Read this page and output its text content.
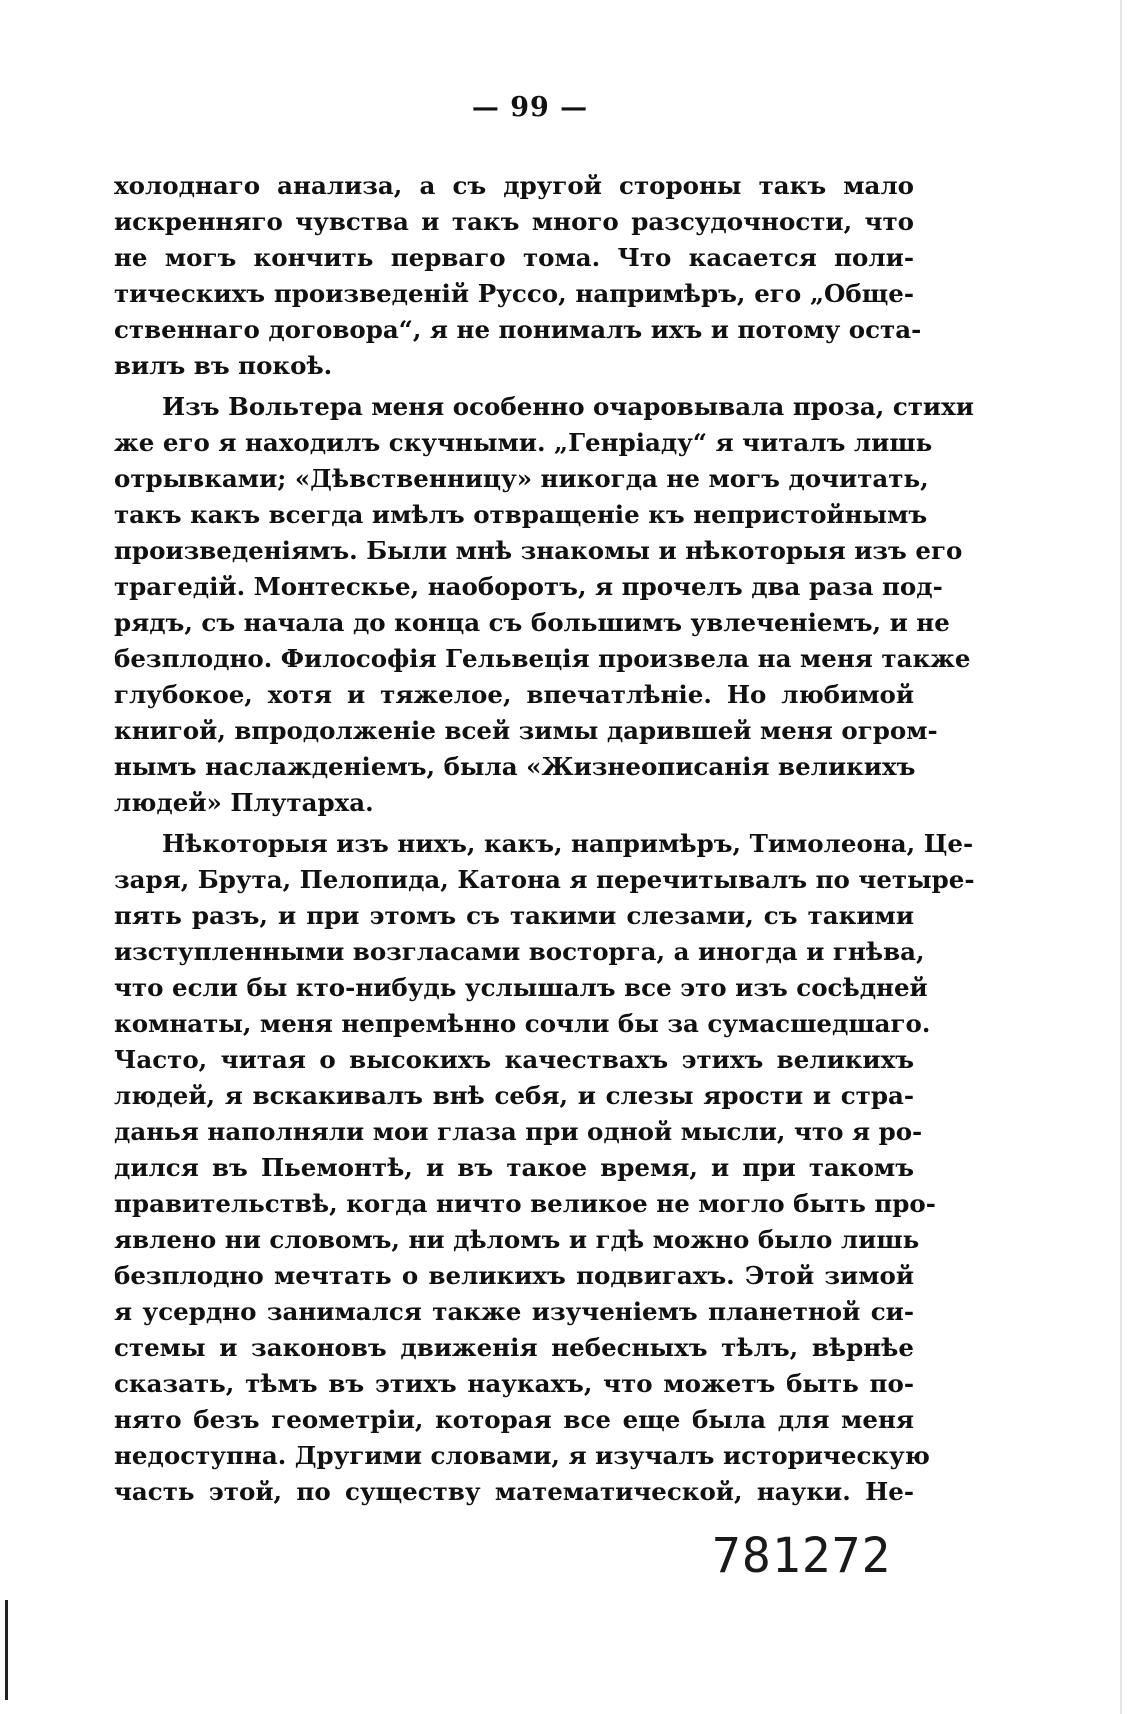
— 99 —
холоднаго анализа, а съ другой стороны такъ мало
искренняго чувства и такъ много разсудочности, что
не могъ кончить перваго тома. Что касается поли-
тическихъ произведенiй Руссо, напримѣръ, его „Обще-
ственнаго договора“, я не понималъ ихъ и потому оста-
вилъ въ покоѣ.
Изъ Вольтера меня особенно очаровывала проза, стихи
же его я находилъ скучными. „Генрiаду“ я читалъ лишь
отрывками; «Дѣвственницу» никогда не могъ дочитать,
такъ какъ всегда имѣлъ отвращенiе къ непристойнымъ
произведенiямъ. Были мнѣ знакомы и нѣкоторыя изъ его
трагедiй. Монтескье, наоборотъ, я прочелъ два раза под-
рядъ, съ начала до конца съ большимъ увлеченiемъ, и не
безплодно. Философiя Гельвецiя произвела на меня также
глубокое, хотя и тяжелое, впечатлѣнiе. Но любимой
книгой, впродолженiе всей зимы дарившей меня огром-
нымъ наслажденiемъ, была «Жизнеописанiя великихъ
людей» Плутарха.
Нѣкоторыя изъ нихъ, какъ, напримѣръ, Тимолеона, Це-
заря, Брута, Пелопида, Катона я перечитывалъ по четыре-
пять разъ, и при этомъ съ такими слезами, съ такими
изступленными возгласами восторга, а иногда и гнѣва,
что если бы кто-нибудь услышалъ все это изъ сосѣдней
комнаты, меня непремѣнно сочли бы за сумасшедшаго.
Часто, читая о высокихъ качествахъ этихъ великихъ
людей, я вскакивалъ внѣ себя, и слезы ярости и стра-
данья наполняли мои глаза при одной мысли, что я ро-
дился въ Пьемонтѣ, и въ такое время, и при такомъ
правительствѣ, когда ничто великое не могло быть про-
явлено ни словомъ, ни дѣломъ и гдѣ можно было лишь
безплодно мечтать о великихъ подвигахъ. Этой зимой
я усердно занимался также изученiемъ планетной си-
стемы и законовъ движенiя небесныхъ тѣлъ, вѣрнѣе
сказать, тѣмъ въ этихъ наукахъ, что можетъ быть по-
нято безъ геометрiи, которая все еще была для меня
недоступна. Другими словами, я изучалъ историческую
часть этой, по существу математической, науки. Не-
781272
